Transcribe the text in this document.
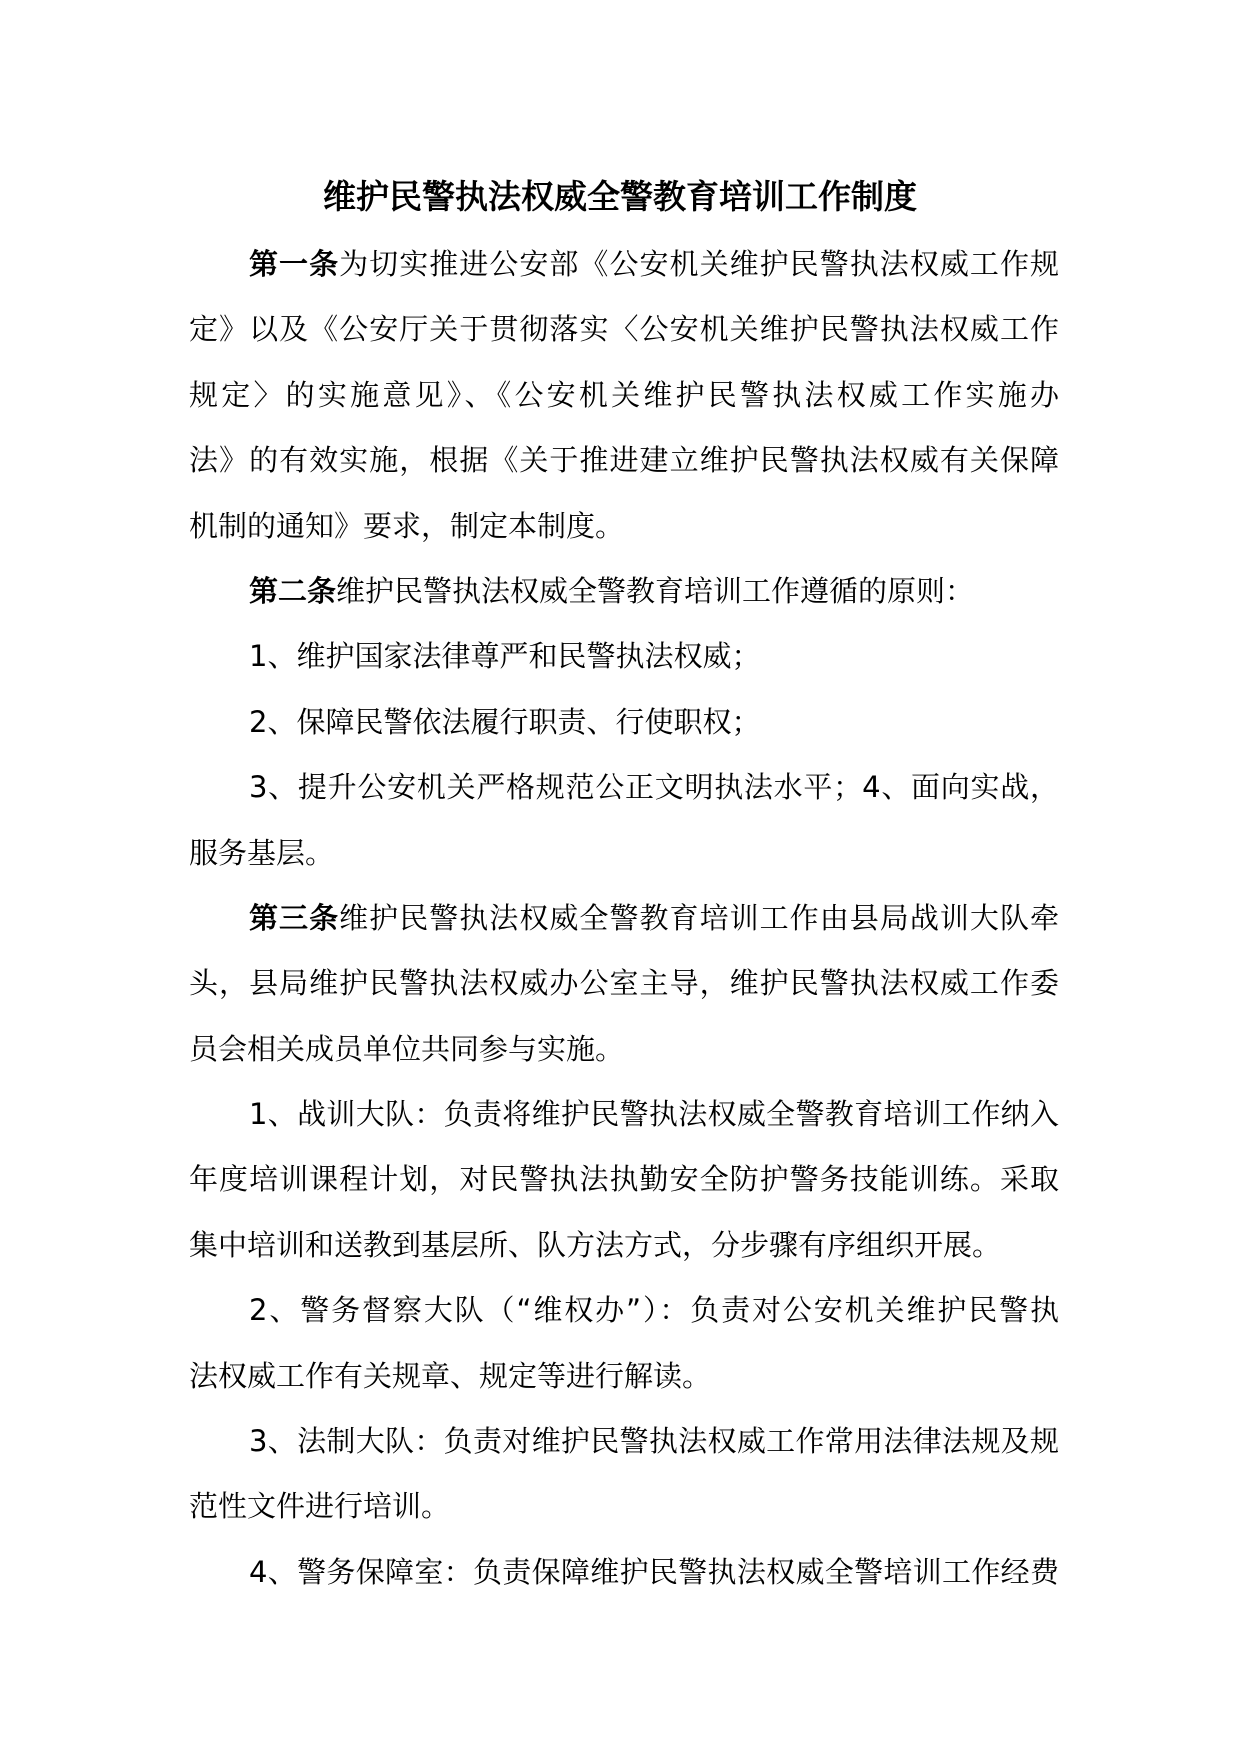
维护民警执法权威全警教育培训工作制度
第一条为切实推进公安部《公安机关维护民警执法权威工作规
定》以及《公安厅关于贯彻落实〈公安机关维护民警执法权威工作
规定〉的实施意见》、《公安机关维护民警执法权威工作实施办
法》的有效实施，根据《关于推进建立维护民警执法权威有关保障
机制的通知》要求，制定本制度。
第二条维护民警执法权威全警教育培训工作遵循的原则：
1、维护国家法律尊严和民警执法权威；
2、保障民警依法履行职责、行使职权；
3、提升公安机关严格规范公正文明执法水平；4、面向实战，
服务基层。
第三条维护民警执法权威全警教育培训工作由县局战训大队牵
头，县局维护民警执法权威办公室主导，维护民警执法权威工作委
员会相关成员单位共同参与实施。
1、战训大队：负责将维护民警执法权威全警教育培训工作纳入
年度培训课程计划，对民警执法执勤安全防护警务技能训练。采取
集中培训和送教到基层所、队方法方式，分步骤有序组织开展。
2、警务督察大队（“维权办”）：负责对公安机关维护民警执
法权威工作有关规章、规定等进行解读。
3、法制大队：负责对维护民警执法权威工作常用法律法规及规
范性文件进行培训。
4、警务保障室：负责保障维护民警执法权威全警培训工作经费
